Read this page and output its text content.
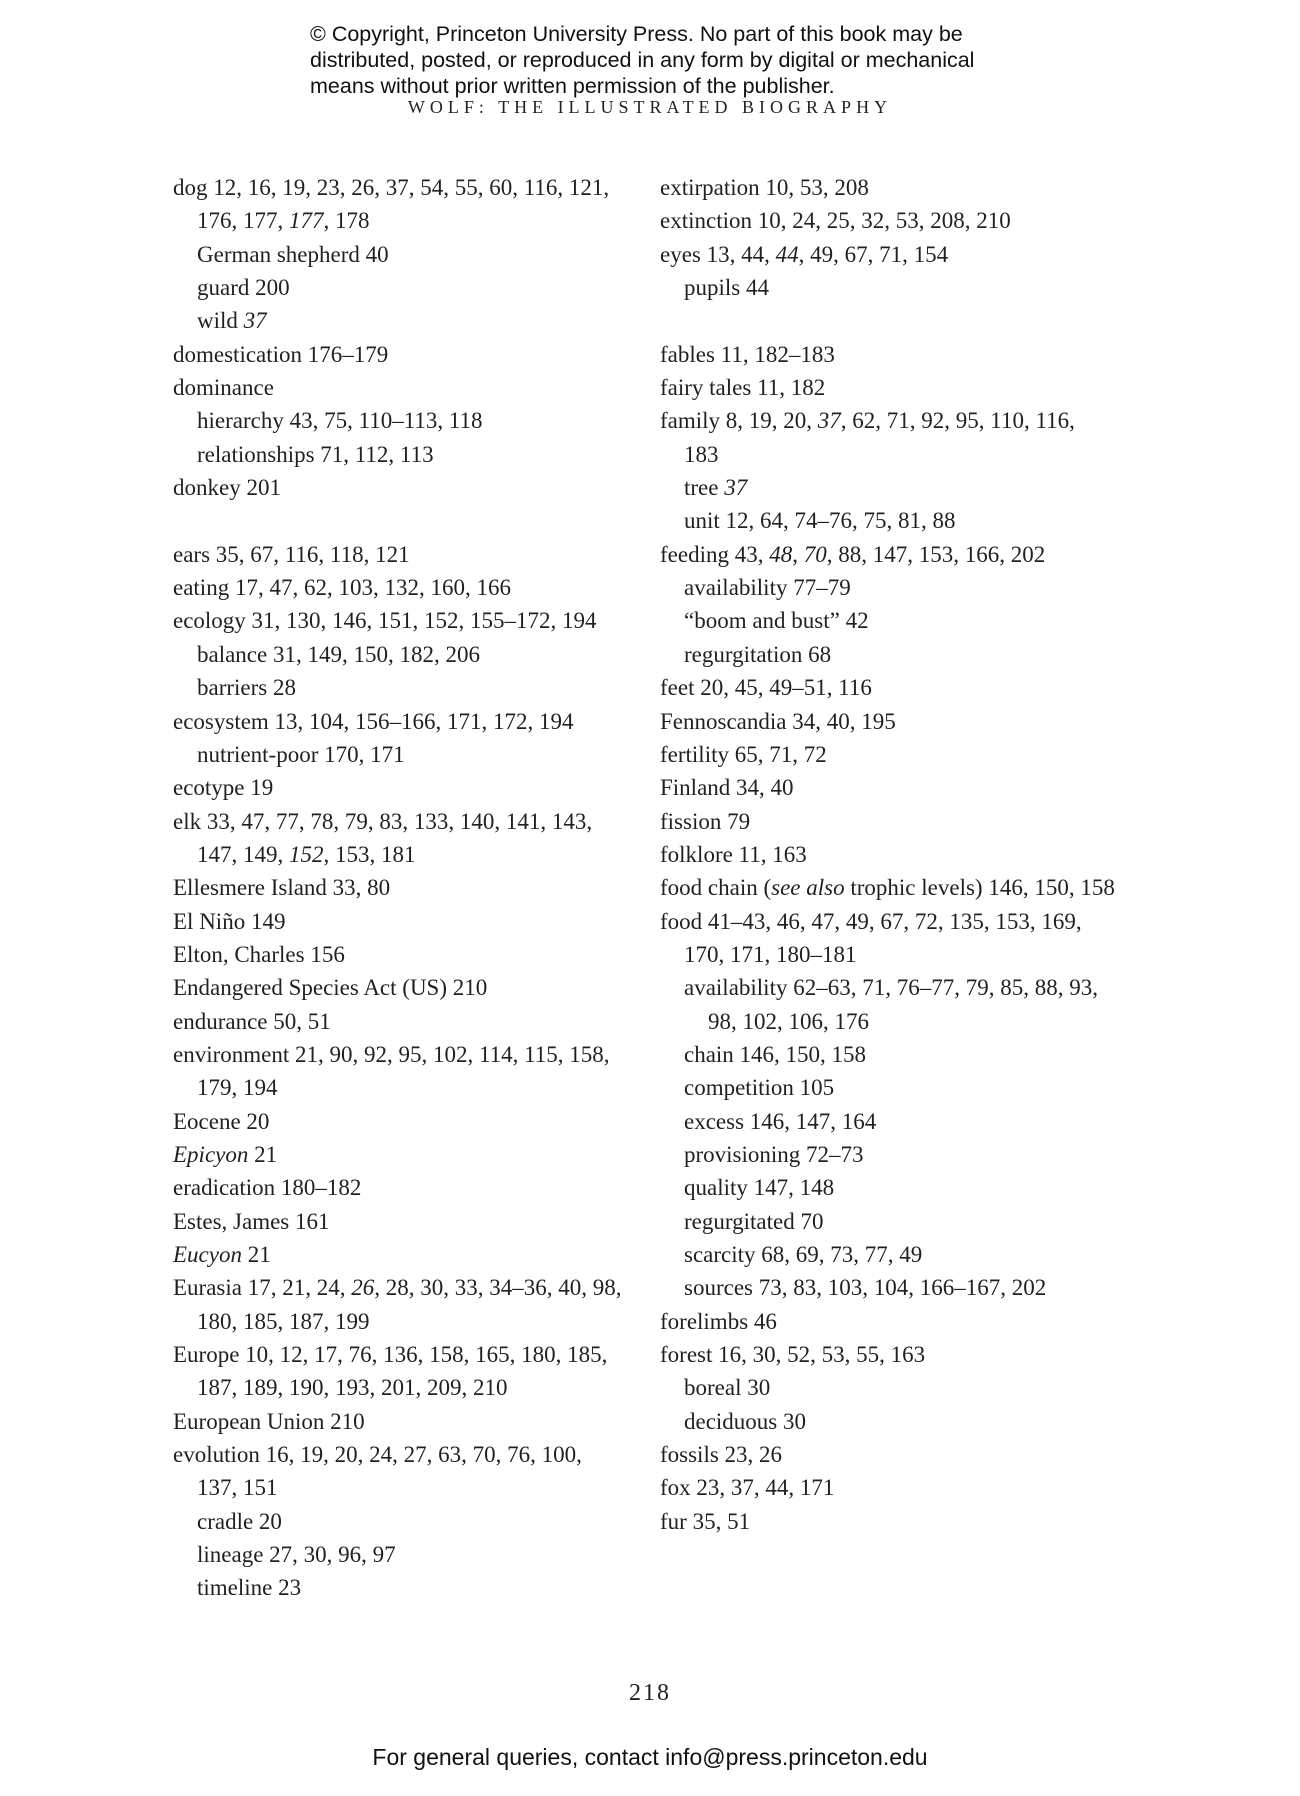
© Copyright, Princeton University Press. No part of this book may be
distributed, posted, or reproduced in any form by digital or mechanical
means without prior written permission of the publisher.
WOLF: THE ILLUSTRATED BIOGRAPHY
dog 12, 16, 19, 23, 26, 37, 54, 55, 60, 116, 121,
176, 177, 177, 178
German shepherd 40
guard 200
wild 37
domestication 176–179
dominance
hierarchy 43, 75, 110–113, 118
relationships 71, 112, 113
donkey 201
ears 35, 67, 116, 118, 121
eating 17, 47, 62, 103, 132, 160, 166
ecology 31, 130, 146, 151, 152, 155–172, 194
balance 31, 149, 150, 182, 206
barriers 28
ecosystem 13, 104, 156–166, 171, 172, 194
nutrient-poor 170, 171
ecotype 19
elk 33, 47, 77, 78, 79, 83, 133, 140, 141, 143,
147, 149, 152, 153, 181
Ellesmere Island 33, 80
El Niño 149
Elton, Charles 156
Endangered Species Act (US) 210
endurance 50, 51
environment 21, 90, 92, 95, 102, 114, 115, 158,
179, 194
Eocene 20
Epicyon 21
eradication 180–182
Estes, James 161
Eucyon 21
Eurasia 17, 21, 24, 26, 28, 30, 33, 34–36, 40, 98,
180, 185, 187, 199
Europe 10, 12, 17, 76, 136, 158, 165, 180, 185,
187, 189, 190, 193, 201, 209, 210
European Union 210
evolution 16, 19, 20, 24, 27, 63, 70, 76, 100,
137, 151
cradle 20
lineage 27, 30, 96, 97
timeline 23
extirpation 10, 53, 208
extinction 10, 24, 25, 32, 53, 208, 210
eyes 13, 44, 44, 49, 67, 71, 154
pupils 44
fables 11, 182–183
fairy tales 11, 182
family 8, 19, 20, 37, 62, 71, 92, 95, 110, 116,
183
tree 37
unit 12, 64, 74–76, 75, 81, 88
feeding 43, 48, 70, 88, 147, 153, 166, 202
availability 77–79
“boom and bust” 42
regurgitation 68
feet 20, 45, 49–51, 116
Fennoscandia 34, 40, 195
fertility 65, 71, 72
Finland 34, 40
fission 79
folklore 11, 163
food chain (see also trophic levels) 146, 150, 158
food 41–43, 46, 47, 49, 67, 72, 135, 153, 169,
170, 171, 180–181
availability 62–63, 71, 76–77, 79, 85, 88, 93,
98, 102, 106, 176
chain 146, 150, 158
competition 105
excess 146, 147, 164
provisioning 72–73
quality 147, 148
regurgitated 70
scarcity 68, 69, 73, 77, 49
sources 73, 83, 103, 104, 166–167, 202
forelimbs 46
forest 16, 30, 52, 53, 55, 163
boreal 30
deciduous 30
fossils 23, 26
fox 23, 37, 44, 171
fur 35, 51
218
For general queries, contact info@press.princeton.edu
